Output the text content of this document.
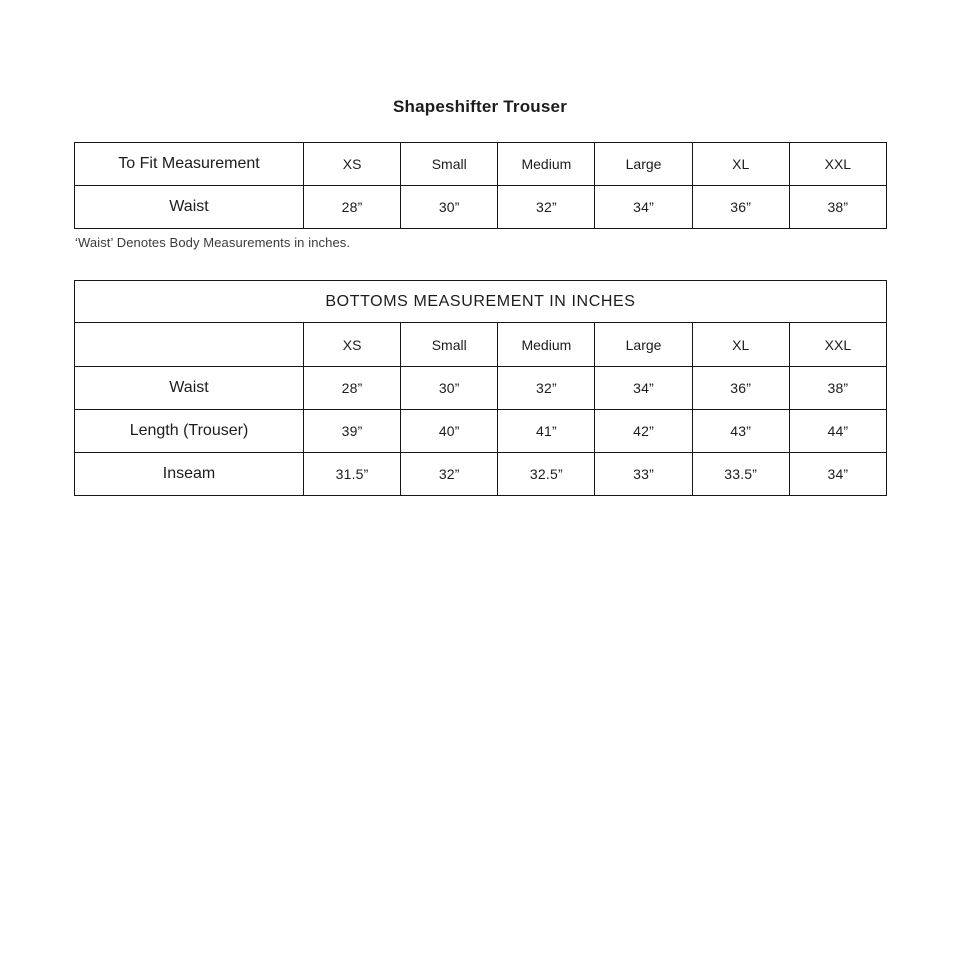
Shapeshifter Trouser
To Fit Measurement	XS	Small	Medium	Large	XL	XXL
Waist	28”	30”	32”	34”	36”	38”
‘Waist’ Denotes Body Measurements in inches.
BOTTOMS MEASUREMENT IN INCHES						
	XS	Small	Medium	Large	XL	XXL
Waist	28”	30”	32”	34”	36”	38”
Length (Trouser)	39”	40”	41”	42”	43”	44”
Inseam	31.5”	32”	32.5”	33”	33.5”	34”
